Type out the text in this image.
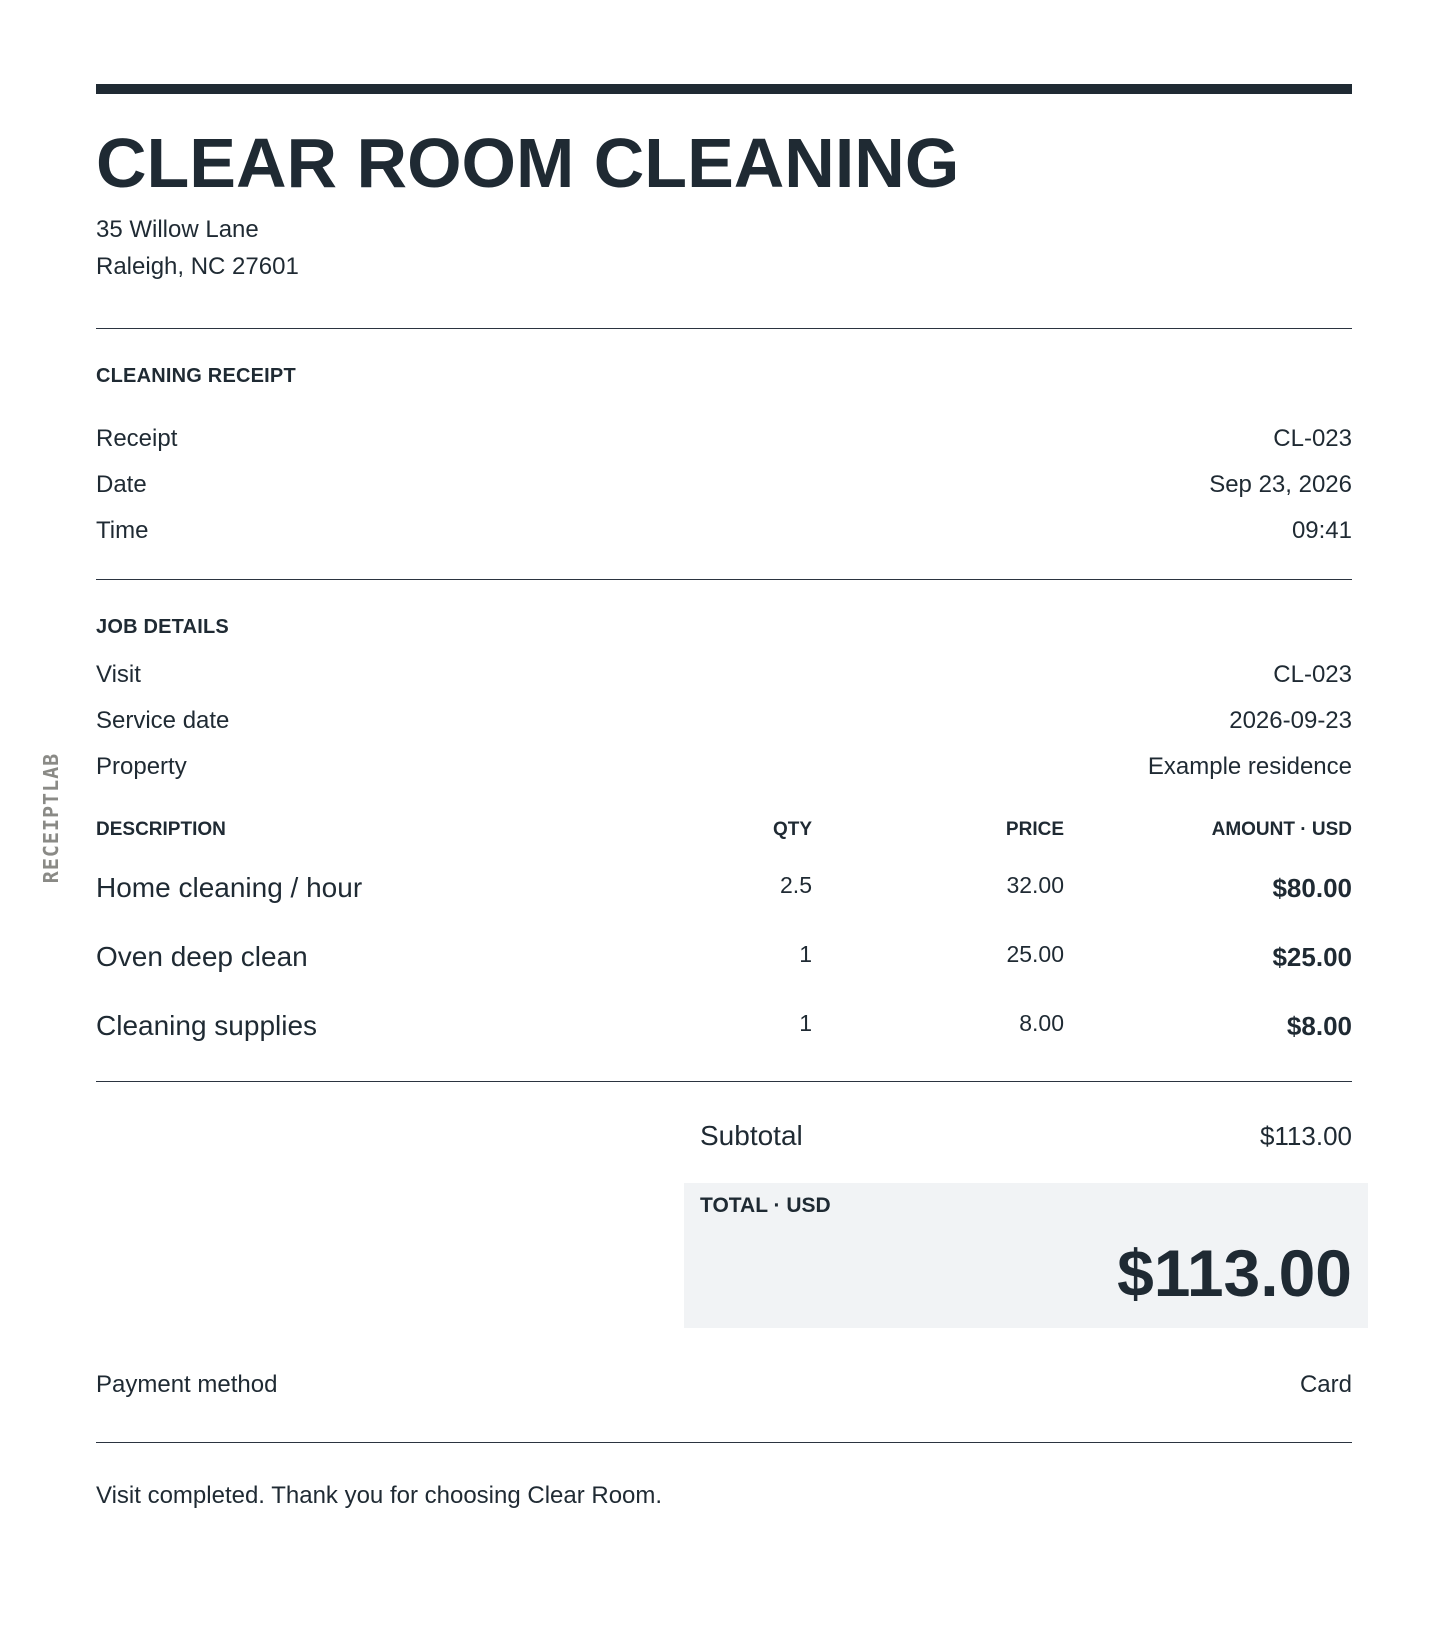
RECEIPTLAB
CLEAR ROOM CLEANING
35 Willow Lane
Raleigh, NC 27601
CLEANING RECEIPT
Receipt	CL-023
Date	Sep 23, 2026
Time	09:41
JOB DETAILS
Visit	CL-023
Service date	2026-09-23
Property	Example residence
DESCRIPTION	QTY	PRICE	AMOUNT · USD
Home cleaning / hour	2.5	32.00	$80.00
Oven deep clean	1	25.00	$25.00
Cleaning supplies	1	8.00	$8.00
Subtotal	$113.00
TOTAL · USD
$113.00
Payment method	Card
Visit completed. Thank you for choosing Clear Room.
